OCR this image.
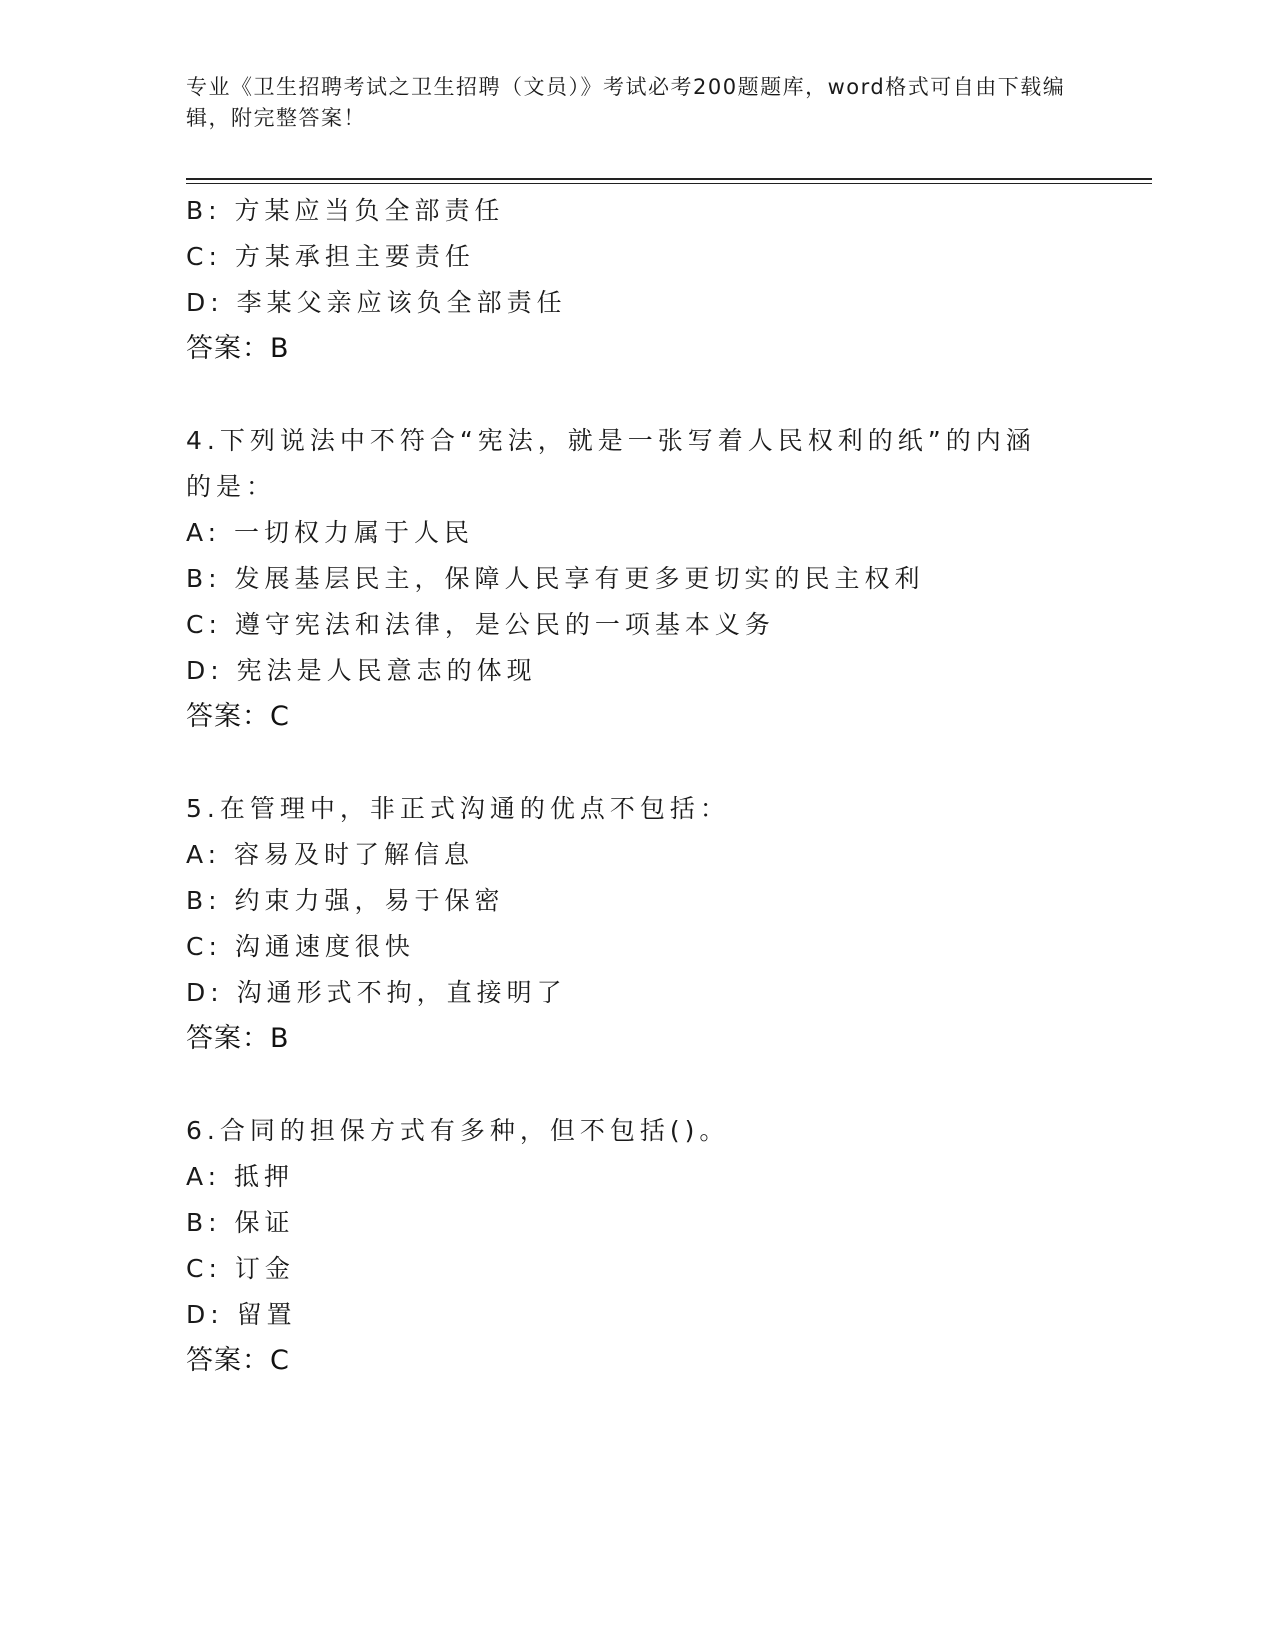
专业《卫生招聘考试之卫生招聘（文员）》考试必考200题题库，word格式可自由下载编辑，附完整答案！
B: 方某应当负全部责任
C: 方某承担主要责任
D: 李某父亲应该负全部责任
答案：B
4.下列说法中不符合“宪法，就是一张写着人民权利的纸”的内涵的是：
A: 一切权力属于人民
B: 发展基层民主，保障人民享有更多更切实的民主权利
C: 遵守宪法和法律，是公民的一项基本义务
D: 宪法是人民意志的体现
答案：C
5.在管理中，非正式沟通的优点不包括：
A: 容易及时了解信息
B: 约束力强，易于保密
C: 沟通速度很快
D: 沟通形式不拘，直接明了
答案：B
6.合同的担保方式有多种，但不包括()。
A: 抵押
B: 保证
C: 订金
D: 留置
答案：C
